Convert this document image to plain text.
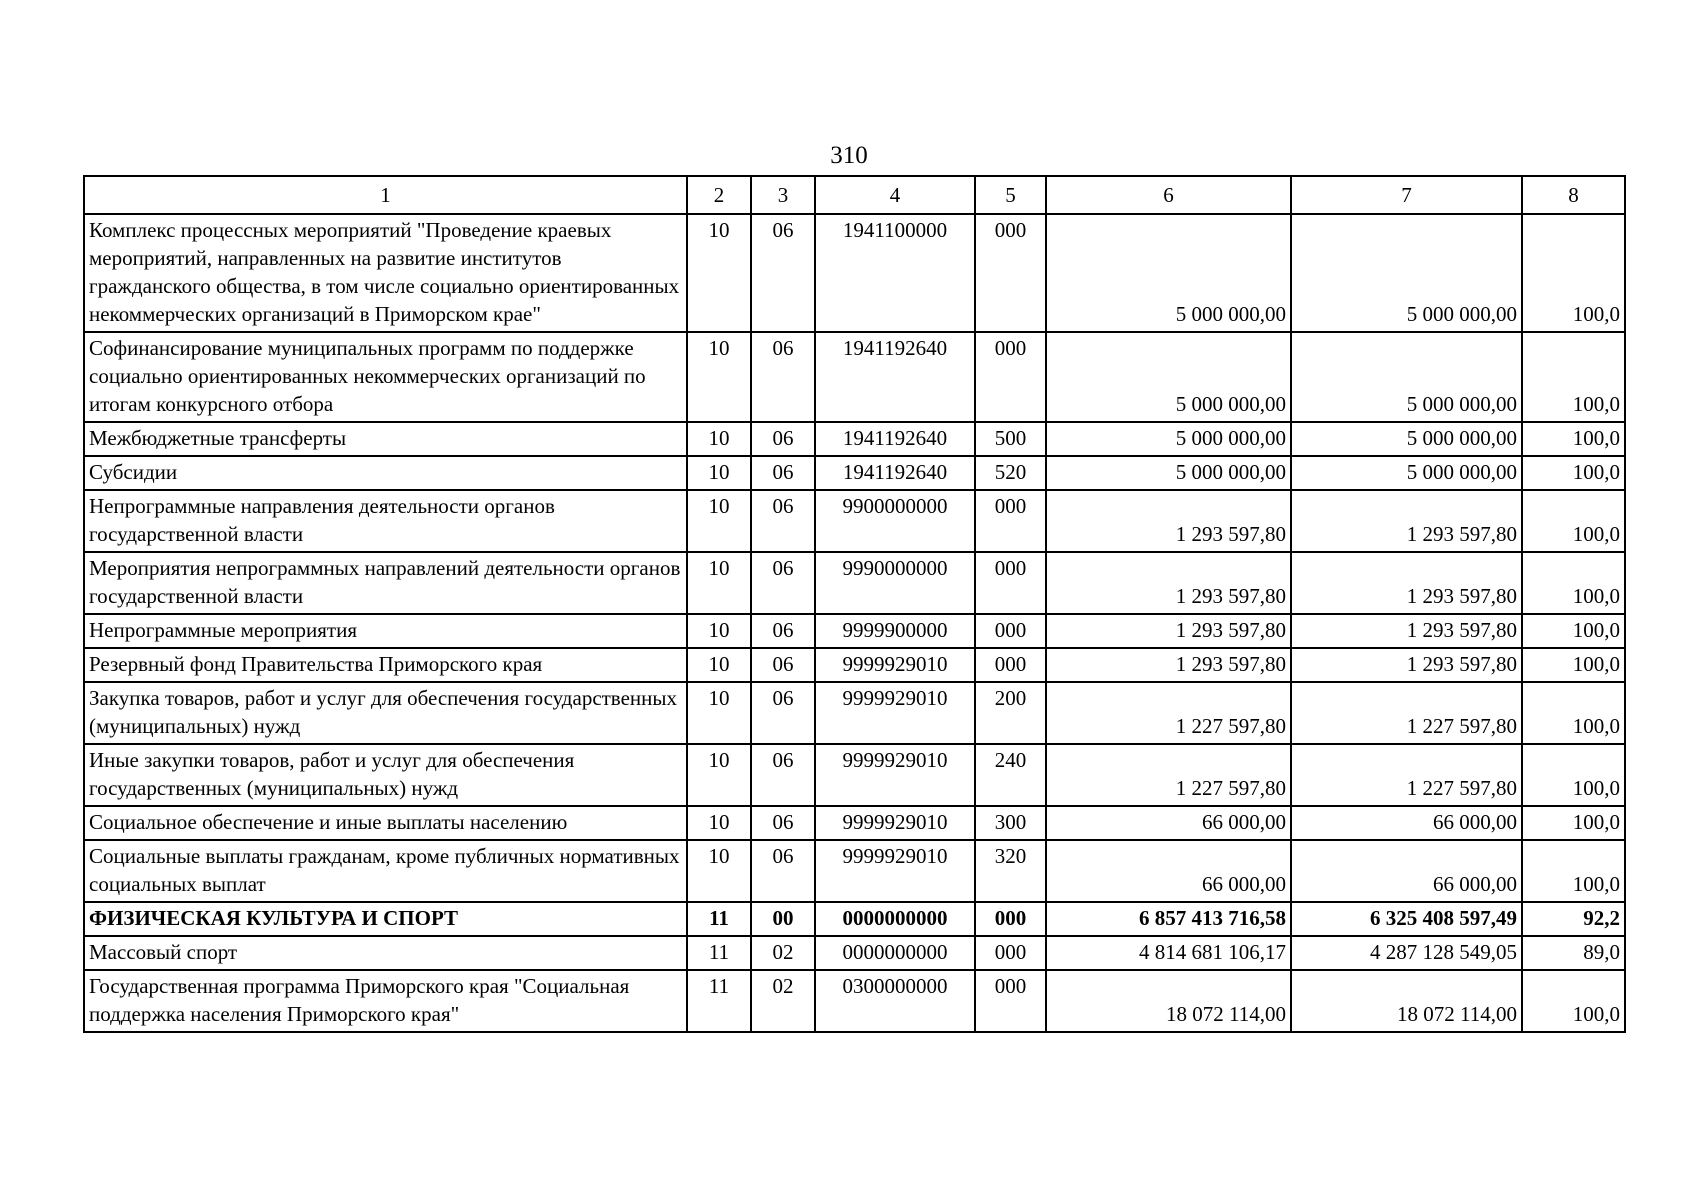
310
1	2	3	4	5	6	7	8
Комплекс процессных мероприятий "Проведение краевых мероприятий, направленных на развитие институтов гражданского общества, в том числе социально ориентированных некоммерческих организаций в Приморском крае"	10	06	1941100000	000	5 000 000,00	5 000 000,00	100,0
Софинансирование муниципальных программ по поддержке социально ориентированных некоммерческих организаций по итогам конкурсного отбора	10	06	1941192640	000	5 000 000,00	5 000 000,00	100,0
Межбюджетные трансферты	10	06	1941192640	500	5 000 000,00	5 000 000,00	100,0
Субсидии	10	06	1941192640	520	5 000 000,00	5 000 000,00	100,0
Непрограммные направления деятельности органов государственной власти	10	06	9900000000	000	1 293 597,80	1 293 597,80	100,0
Мероприятия непрограммных направлений деятельности органов государственной власти	10	06	9990000000	000	1 293 597,80	1 293 597,80	100,0
Непрограммные мероприятия	10	06	9999900000	000	1 293 597,80	1 293 597,80	100,0
Резервный фонд Правительства Приморского края	10	06	9999929010	000	1 293 597,80	1 293 597,80	100,0
Закупка товаров, работ и услуг для обеспечения государственных (муниципальных) нужд	10	06	9999929010	200	1 227 597,80	1 227 597,80	100,0
Иные закупки товаров, работ и услуг для обеспечения государственных (муниципальных) нужд	10	06	9999929010	240	1 227 597,80	1 227 597,80	100,0
Социальное обеспечение и иные выплаты населению	10	06	9999929010	300	66 000,00	66 000,00	100,0
Социальные выплаты гражданам, кроме публичных нормативных социальных выплат	10	06	9999929010	320	66 000,00	66 000,00	100,0
ФИЗИЧЕСКАЯ КУЛЬТУРА И СПОРТ	11	00	0000000000	000	6 857 413 716,58	6 325 408 597,49	92,2
Массовый спорт	11	02	0000000000	000	4 814 681 106,17	4 287 128 549,05	89,0
Государственная программа Приморского края "Социальная поддержка населения Приморского края"	11	02	0300000000	000	18 072 114,00	18 072 114,00	100,0
